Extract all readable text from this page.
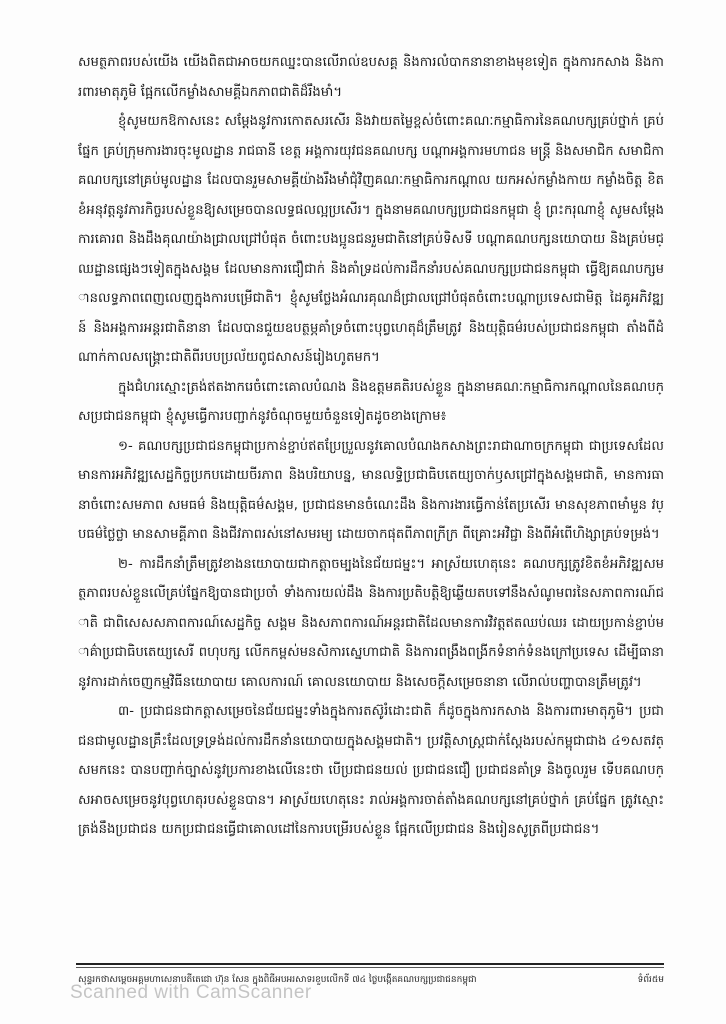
សមត្ថភាពរបស់យើង យើងពិតជាអាចយកឈ្នះបានលើរាល់ឧបសគ្គ និងការលំបាកនានាខាងមុខទៀត ក្នុងការកសាង និងការពារមាតុភូមិ ផ្អែកលើកម្លាំងសាមគ្គីឯកភាពជាតិដ៏រឹងមាំ។

ខ្ញុំសូមយកឱកាសនេះ សម្តែងនូវការកោតសរសើរ និងវាយតម្លៃខ្ពស់ចំពោះគណៈកម្មាធិការនៃគណបក្សគ្រប់ថ្នាក់ គ្រប់ផ្នែក គ្រប់ក្រុមការងារចុះមូលដ្ឋាន រាជធានី ខេត្ត អង្គការយុវជនគណបក្ស បណ្តាអង្គការមហាជន មន្ត្រី និងសមាជិក សមាជិកាគណបក្សនៅគ្រប់មូលដ្ឋាន ដែលបានរួមសាមគ្គីយ៉ាងរឹងមាំជុំវិញគណៈកម្មាធិការកណ្តាល យកអស់កម្លាំងកាយ កម្លាំងចិត្ត ខិតខំអនុវត្តនូវភារកិច្ចរបស់ខ្លួនឱ្យសម្រេចបានលទ្ធផលល្អប្រសើរ។ ក្នុងនាមគណបក្សប្រជាជនកម្ពុជា ខ្ញុំ ព្រះករុណាខ្ញុំ សូមសម្តែងការគោរព និងដឹងគុណយ៉ាងជ្រាលជ្រៅបំផុត ចំពោះបងប្អូនជនរួមជាតិនៅគ្រប់ទិសទី បណ្តាគណបក្សនយោបាយ និងគ្រប់មជ្ឈដ្ឋានផ្សេងៗទៀតក្នុងសង្គម ដែលមានការជឿជាក់ និងគាំទ្រដល់ការដឹកនាំរបស់គណបក្សប្រជាជនកម្ពុជា ធ្វើឱ្យគណបក្សមានលទ្ធភាពពេញលេញក្នុងការបម្រើជាតិ។ ខ្ញុំសូមថ្លែងអំណរគុណដ៏ជ្រាលជ្រៅបំផុតចំពោះបណ្តាប្រទេសជាមិត្ត ដៃគូអភិវឌ្ឍន៍ និងអង្គការអន្តរជាតិនានា ដែលបានជួយឧបត្ថម្ភគាំទ្រចំពោះបុព្វហេតុដ៏ត្រឹមត្រូវ និងយុត្តិធម៌របស់ប្រជាជនកម្ពុជា តាំងពីដំណាក់កាលសង្គ្រោះជាតិពីរបបប្រល័យពូជសាសន៍រៀងហូតមក។

ក្នុងជំហរស្មោះត្រង់ឥតងាករេចំពោះគោលបំណង និងឧត្តមគតិរបស់ខ្លួន ក្នុងនាមគណៈកម្មាធិការកណ្តាលនៃគណបក្សប្រជាជនកម្ពុជា ខ្ញុំសូមធ្វើការបញ្ជាក់នូវចំណុចមួយចំនួនទៀតដូចខាងក្រោម៖

១- គណបក្សប្រជាជនកម្ពុជាប្រកាន់ខ្ជាប់ឥតប្រែប្រួលនូវគោលបំណងកសាងព្រះរាជាណាចក្រកម្ពុជា ជាប្រទេសដែលមានការអភិវឌ្ឍសេដ្ឋកិច្ចប្រកបដោយចីរភាព និងបរិយាបន្ន, មានលទ្ធិប្រជាធិបតេយ្យចាក់ឫសជ្រៅក្នុងសង្គមជាតិ, មានការធានាចំពោះសមភាព សមធម៌ និងយុត្តិធម៌សង្គម, ប្រជាជនមានចំណេះដឹង និងការងារធ្វើកាន់តែប្រសើរ មានសុខភាពមាំមួន វប្បធម៌ថ្លៃថ្លា មានសាមគ្គីភាព និងជីវភាពរស់នៅសមរម្យ ដោយចាកផុតពីភាពក្រីក្រ ពីគ្រោះអវិជ្ជា និងពីអំពើហិង្សាគ្រប់ទម្រង់។

២- ការដឹកនាំត្រឹមត្រូវខាងនយោបាយជាកត្តាចម្បងនៃជ័យជម្នះ។ អាស្រ័យហេតុនេះ គណបក្សត្រូវខិតខំអភិវឌ្ឍសមត្ថភាពរបស់ខ្លួនលើគ្រប់ផ្នែកឱ្យបានជាប្រចាំ ទាំងការយល់ដឹង និងការប្រតិបត្តិឱ្យឆ្លើយតបទៅនឹងសំណូមពរនៃសភាពការណ៍ជាតិ ជាពិសេសសភាពការណ៍សេដ្ឋកិច្ច សង្គម និងសភាពការណ៍អន្តរជាតិដែលមានការវិវត្តឥតឈប់ឈរ ដោយប្រកាន់ខ្ជាប់មាគ៌ាប្រជាធិបតេយ្យសេរី ពហុបក្ស លើកកម្ពស់មនសិការស្នេហាជាតិ និងការពង្រឹងពង្រីកទំនាក់ទំនងក្រៅប្រទេស ដើម្បីធានានូវការដាក់ចេញកម្មវិធីនយោបាយ គោលការណ៍ គោលនយោបាយ និងសេចក្តីសម្រេចនានា លើរាល់បញ្ហាបានត្រឹមត្រូវ។

៣- ប្រជាជនជាកត្តាសម្រេចនៃជ័យជម្នះទាំងក្នុងការតស៊ូរំដោះជាតិ ក៏ដូចក្នុងការកសាង និងការពារមាតុភូមិ។ ប្រជាជនជាមូលដ្ឋានគ្រឹះដែលទ្រទ្រង់ដល់ការដឹកនាំនយោបាយក្នុងសង្គមជាតិ។ ប្រវត្តិសាស្ត្រជាក់ស្តែងរបស់កម្ពុជាជាង ៤១សតវត្សមកនេះ បានបញ្ជាក់ច្បាស់នូវប្រការខាងលើនេះថា បើប្រជាជនយល់ ប្រជាជនជឿ ប្រជាជនគាំទ្រ និងចូលរួម ទើបគណបក្សអាចសម្រេចនូវបុព្វហេតុរបស់ខ្លួនបាន។ អាស្រ័យហេតុនេះ រាល់អង្គការចាត់តាំងគណបក្សនៅគ្រប់ថ្នាក់ គ្រប់ផ្នែក ត្រូវស្មោះត្រង់នឹងប្រជាជន យកប្រជាជនធ្វើជាគោលដៅនៃការបម្រើរបស់ខ្លួន ផ្អែកលើប្រជាជន និងរៀនសូត្រពីប្រជាជន។

សុន្ទរកថាសម្តេចអគ្គមហាសេនាបតីតេជោ ហ៊ុន សែន ក្នុងពិធីអបអរសាទរខួបលើកទី ៧៤ ថ្ងៃបង្កើតគណបក្សប្រជាជនកម្ពុជា	ទំព័រ៥ម
Scanned with CamScanner
